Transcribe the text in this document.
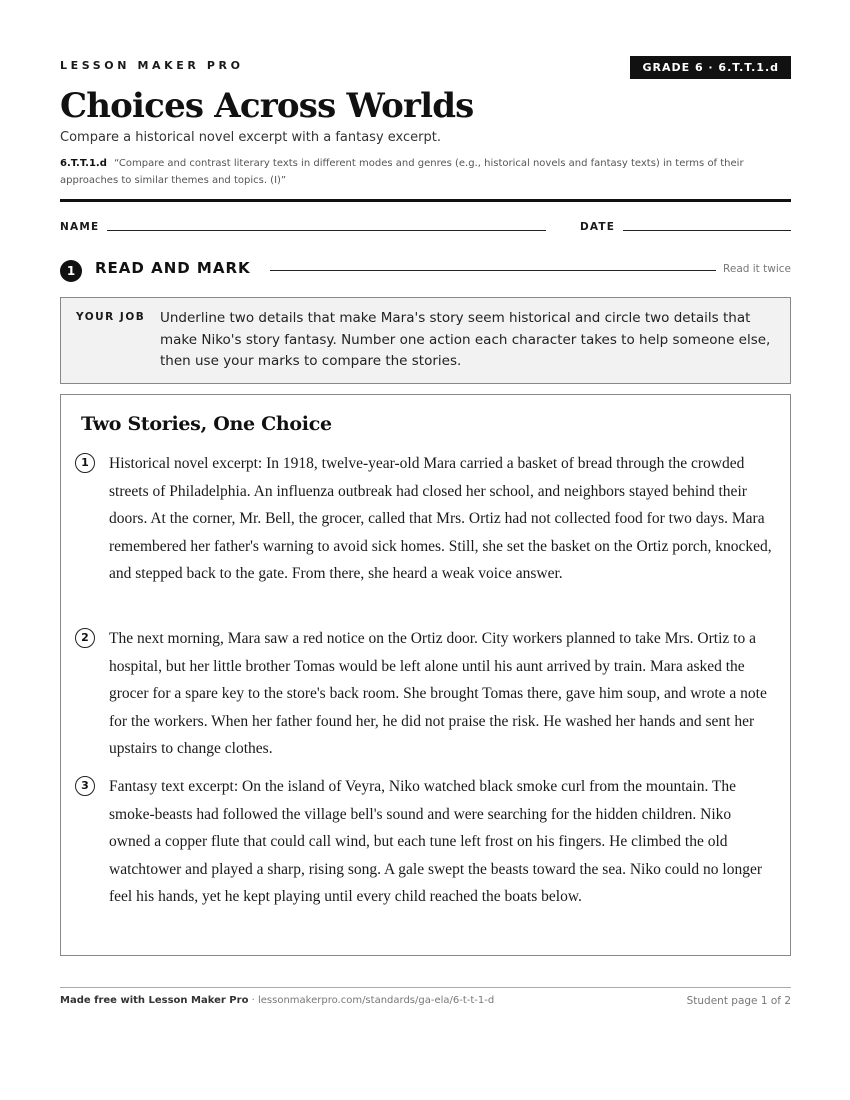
LESSON MAKER PRO	GRADE 6 · 6.T.T.1.d
Choices Across Worlds
Compare a historical novel excerpt with a fantasy excerpt.
6.T.T.1.d “Compare and contrast literary texts in different modes and genres (e.g., historical novels and fantasy texts) in terms of their approaches to similar themes and topics. (I)”
NAME	DATE
1	READ AND MARK	Read it twice
YOUR JOB Underline two details that make Mara's story seem historical and circle two details that make Niko's story fantasy. Number one action each character takes to help someone else, then use your marks to compare the stories.
Two Stories, One Choice
1	Historical novel excerpt: In 1918, twelve-year-old Mara carried a basket of bread through the crowded streets of Philadelphia. An influenza outbreak had closed her school, and neighbors stayed behind their doors. At the corner, Mr. Bell, the grocer, called that Mrs. Ortiz had not collected food for two days. Mara remembered her father's warning to avoid sick homes. Still, she set the basket on the Ortiz porch, knocked, and stepped back to the gate. From there, she heard a weak voice answer.
2	The next morning, Mara saw a red notice on the Ortiz door. City workers planned to take Mrs. Ortiz to a hospital, but her little brother Tomas would be left alone until his aunt arrived by train. Mara asked the grocer for a spare key to the store's back room. She brought Tomas there, gave him soup, and wrote a note for the workers. When her father found her, he did not praise the risk. He washed her hands and sent her upstairs to change clothes.
3	Fantasy text excerpt: On the island of Veyra, Niko watched black smoke curl from the mountain. The smoke-beasts had followed the village bell's sound and were searching for the hidden children. Niko owned a copper flute that could call wind, but each tune left frost on his fingers. He climbed the old watchtower and played a sharp, rising song. A gale swept the beasts toward the sea. Niko could no longer feel his hands, yet he kept playing until every child reached the boats below.
Made free with Lesson Maker Pro · lessonmakerpro.com/standards/ga-ela/6-t-t-1-d	Student page 1 of 2
